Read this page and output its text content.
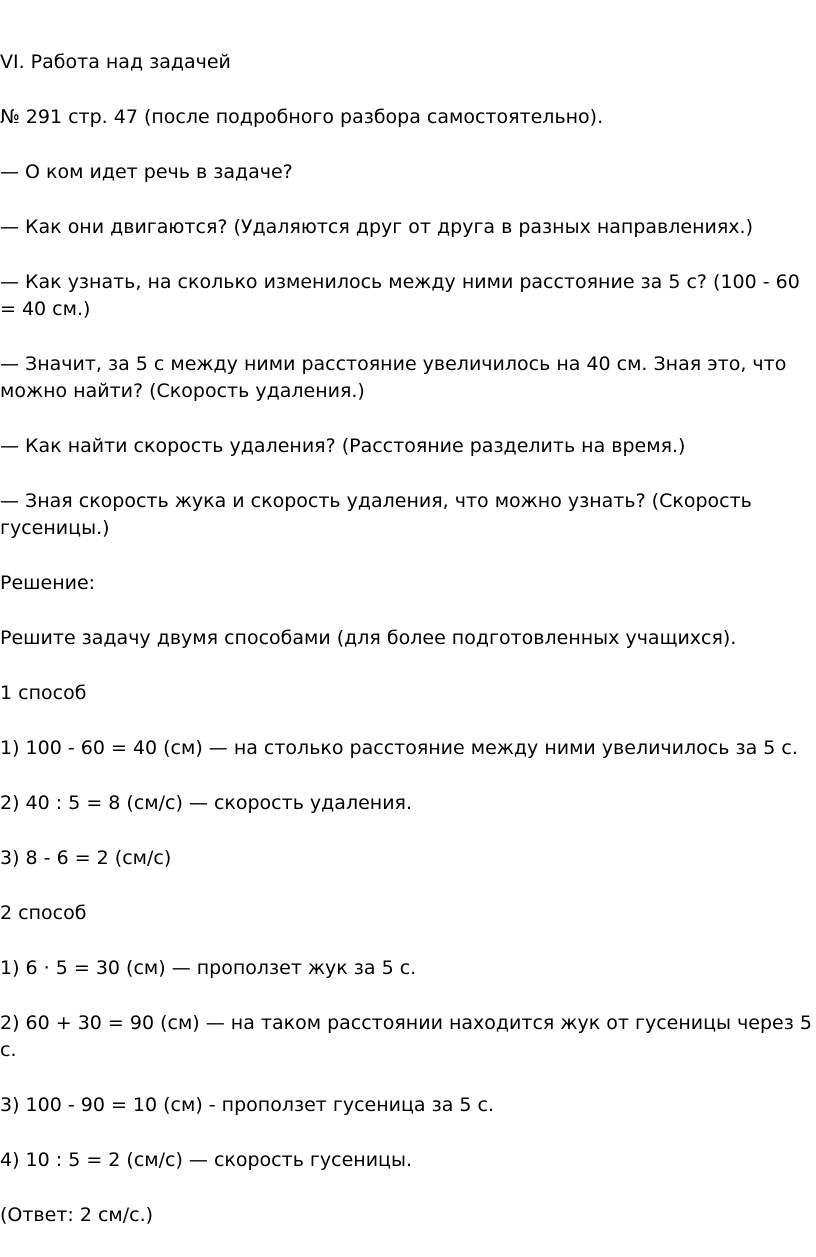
VI. Работа над задачей

№ 291 стр. 47 (после подробного разбора самостоятельно).

— О ком идет речь в задаче?

— Как они двигаются? (Удаляются друг от друга в разных направлениях.)

— Как узнать, на сколько изменилось между ними расстояние за 5 с? (100 - 60 = 40 см.)

— Значит, за 5 с между ними расстояние увеличилось на 40 см. Зная это, что можно найти? (Скорость удаления.)

— Как найти скорость удаления? (Расстояние разделить на время.)

— Зная скорость жука и скорость удаления, что можно узнать? (Скорость гусеницы.)

Решение:

Решите задачу двумя способами (для более подготовленных учащихся).

1 способ

1) 100 - 60 = 40 (см) — на столько расстояние между ними увеличилось за 5 с.

2) 40 : 5 = 8 (см/с) — скорость удаления.

3) 8 - 6 = 2 (см/с)

2 способ

1) 6 · 5 = 30 (см) — проползет жук за 5 с.

2) 60 + 30 = 90 (см) — на таком расстоянии находится жук от гусеницы через 5 с.

3) 100 - 90 = 10 (см) - проползет гусеница за 5 с.

4) 10 : 5 = 2 (см/с) — скорость гусеницы.

(Ответ: 2 см/с.)
